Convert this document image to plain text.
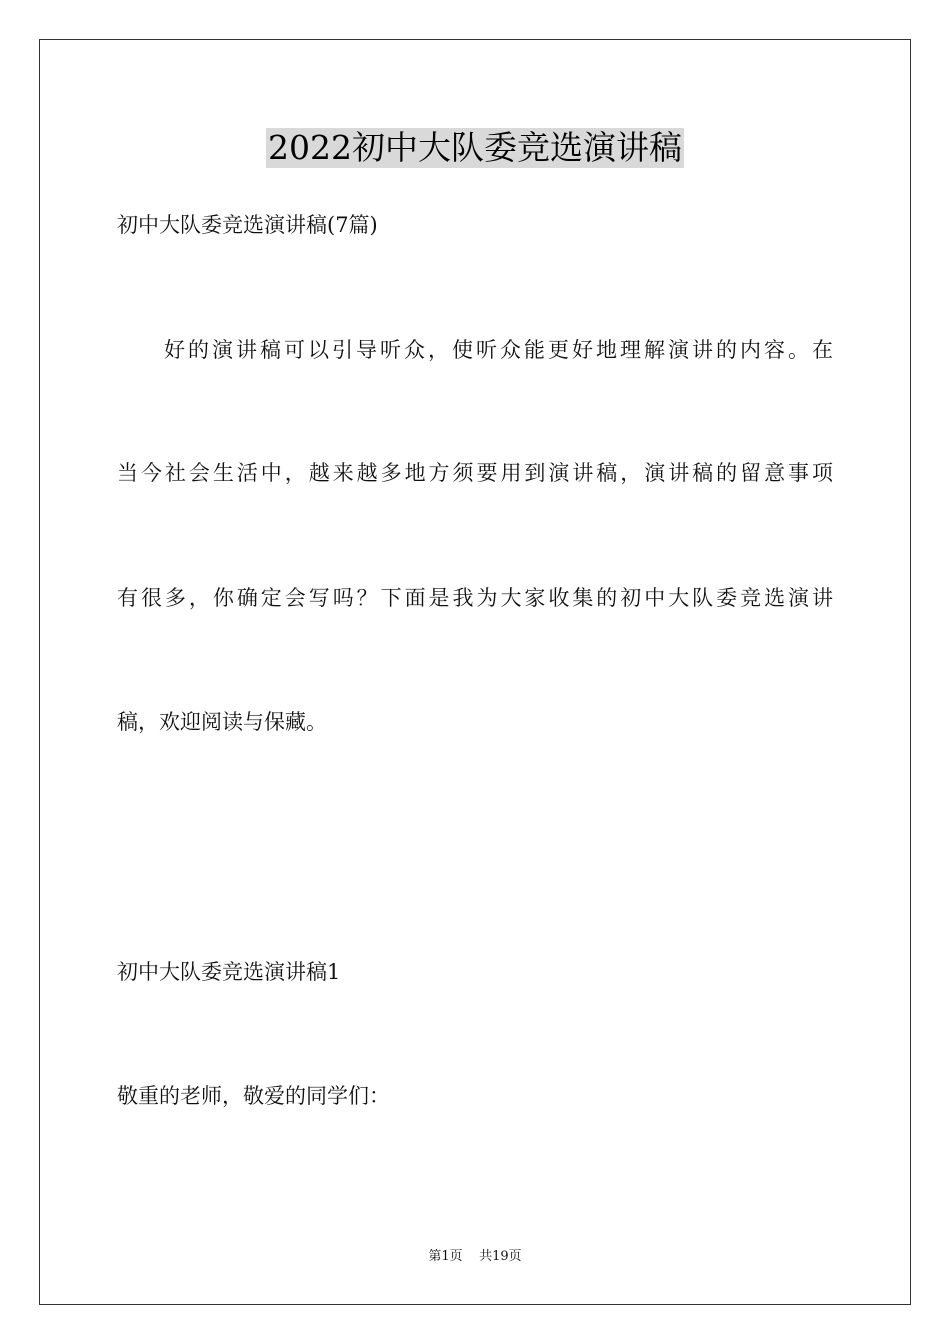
2022初中大队委竞选演讲稿
初中大队委竞选演讲稿(7篇)
好的演讲稿可以引导听众，使听众能更好地理解演讲的内容。在
当今社会生活中，越来越多地方须要用到演讲稿，演讲稿的留意事项
有很多，你确定会写吗？下面是我为大家收集的初中大队委竞选演讲
稿，欢迎阅读与保藏。
初中大队委竞选演讲稿1
敬重的老师，敬爱的同学们：
第1页 共19页
